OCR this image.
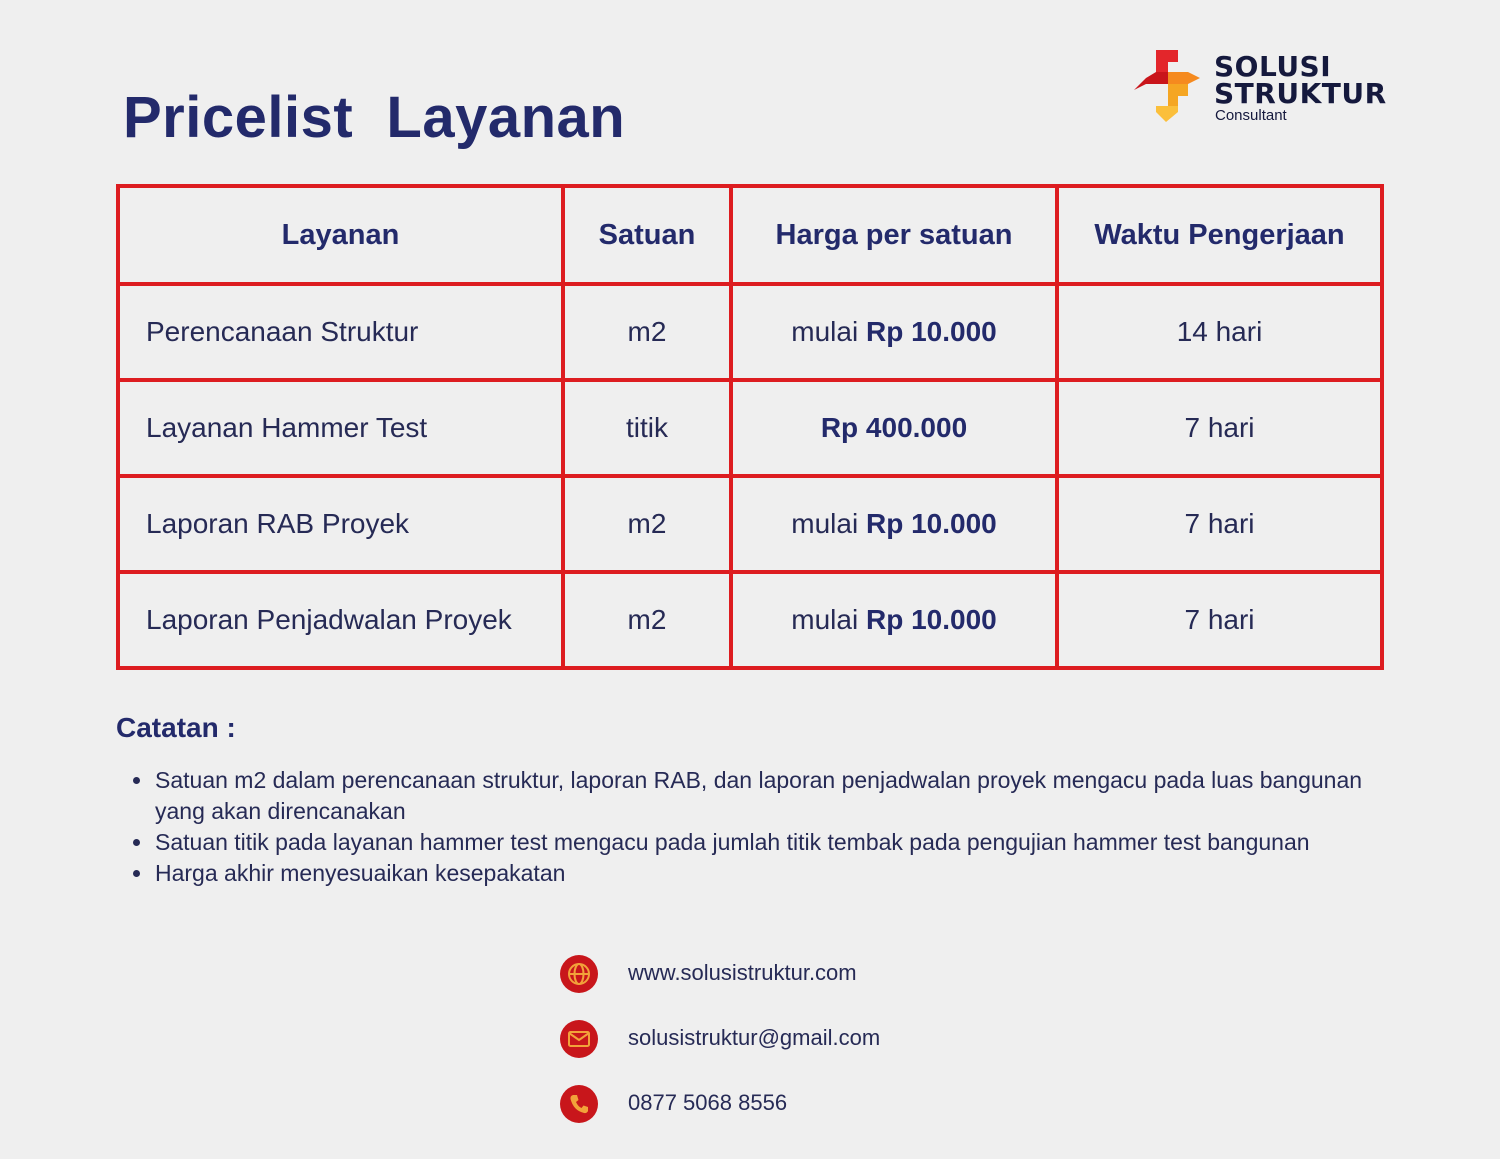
Pricelist  Layanan
SOLUSI
STRUKTUR
Consultant
Layanan	Satuan	Harga per satuan	Waktu Pengerjaan
Perencanaan Struktur	m2	mulai Rp 10.000	14 hari
Layanan Hammer Test	titik	Rp 400.000	7 hari
Laporan RAB Proyek	m2	mulai Rp 10.000	7 hari
Laporan Penjadwalan Proyek	m2	mulai Rp 10.000	7 hari
Catatan :
• Satuan m2 dalam perencanaan struktur, laporan RAB, dan laporan penjadwalan proyek mengacu pada luas bangunan yang akan direncanakan
• Satuan titik pada layanan hammer test mengacu pada jumlah titik tembak pada pengujian hammer test bangunan
• Harga akhir menyesuaikan kesepakatan
www.solusistruktur.com
solusistruktur@gmail.com
0877 5068 8556
